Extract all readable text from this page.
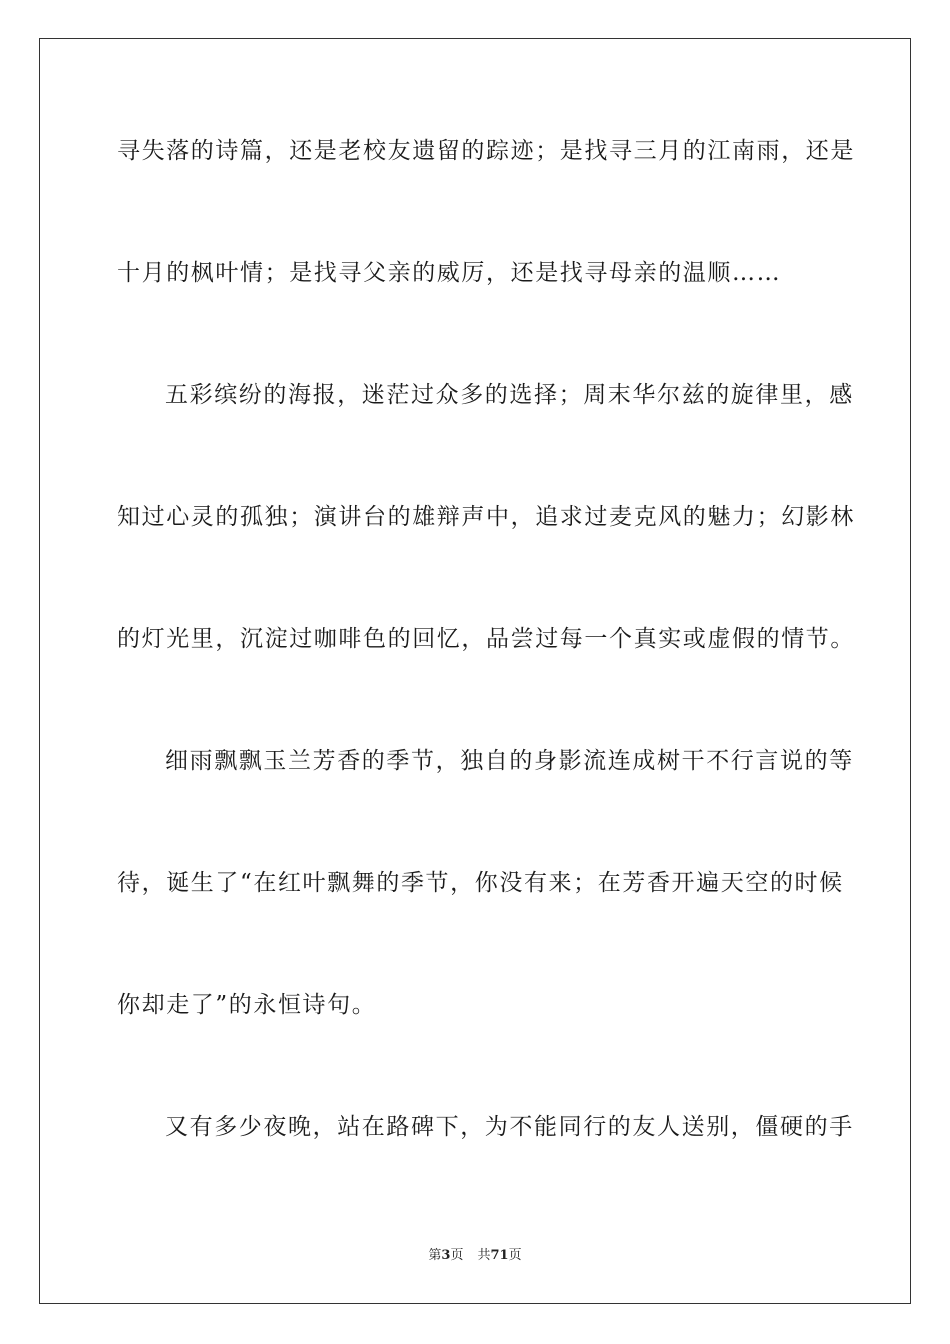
寻失落的诗篇，还是老校友遗留的踪迹；是找寻三月的江南雨，还是

十月的枫叶情；是找寻父亲的威厉，还是找寻母亲的温顺……

五彩缤纷的海报，迷茫过众多的选择；周末华尔兹的旋律里，感

知过心灵的孤独；演讲台的雄辩声中，追求过麦克风的魅力；幻影林

的灯光里，沉淀过咖啡色的回忆，品尝过每一个真实或虚假的情节。

细雨飘飘玉兰芳香的季节，独自的身影流连成树干不行言说的等

待，诞生了“在红叶飘舞的季节，你没有来；在芳香开遍天空的时候

你却走了”的永恒诗句。

又有多少夜晚，站在路碑下，为不能同行的友人送别，僵硬的手

第3页 共71页
